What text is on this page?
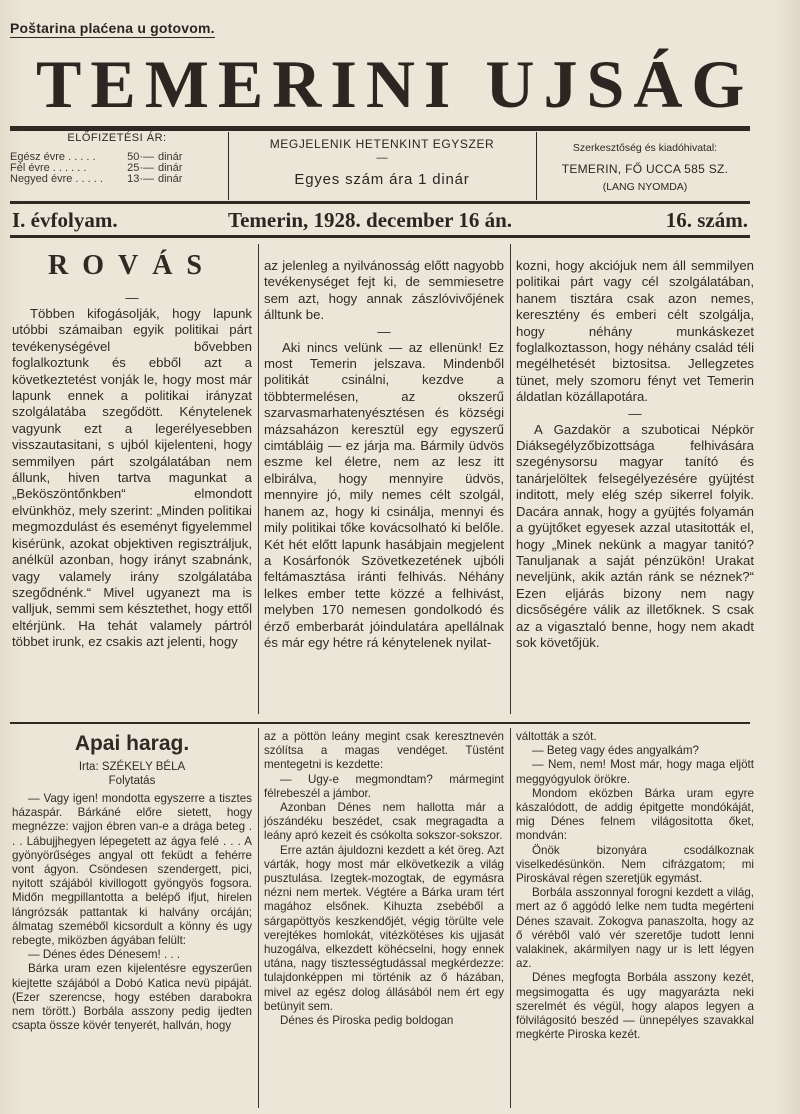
Poštarina plaćena u gotovom.
TEMERINI UJSÁG
ELŐFIZETÉSI ÁR:
Egész évre . . . . .	50·— dinár
Fél évre . . . . . .	25·— dinár
Negyed évre . . . . .	13·— dinár
MEGJELENIK HETENKINT EGYSZER
—
Egyes szám ára 1 dinár
Szerkesztőség és kiadóhivatal:
TEMERIN, FŐ UCCA 585 SZ.
(LANG NYOMDA)
I. évfolyam.	Temerin, 1928. december 16 án.	16. szám.
ROVÁS
—

Többen kifogásolják, hogy lapunk utóbbi számaiban egyik politikai párt tevékenységével bővebben foglalkoztunk és ebből azt a következtetést vonják le, hogy most már lapunk ennek a politikai irányzat szolgálatába szegődött. Kénytelenek vagyunk ezt a legerélyesebben visszautasitani, s ujból kijelenteni, hogy semmilyen párt szolgálatában nem állunk, hiven tartva magunkat a „Beköszöntőnkben“ elmondott elvünkhöz, mely szerint: „Minden politikai megmozdulást és eseményt figyelemmel kisérünk, azokat objektiven regisztráljuk, anélkül azonban, hogy irányt szabnánk, vagy valamely irány szolgálatába szegődnénk.“ Mivel ugyanezt ma is valljuk, semmi sem késztethet, hogy ettől eltérjünk. Ha tehát valamely pártról többet irunk, ez csakis azt jelenti, hogy

az jelenleg a nyilvánosság előtt nagyobb tevékenységet fejt ki, de semmiesetre sem azt, hogy annak zászlóvivőjének álltunk be.

—

Aki nincs velünk — az ellenünk! Ez most Temerin jelszava. Mindenből politikát csinálni, kezdve a többtermelésen, az okszerű szarvasmarhatenyésztésen és községi mázsaházon keresztül egy egyszerű cimtábláig — ez járja ma. Bármily üdvös eszme kel életre, nem az lesz itt elbirálva, hogy mennyire üdvös, mennyire jó, mily nemes célt szolgál, hanem az, hogy ki csinálja, mennyi és mily politikai tőke kovácsolható ki belőle. Két hét előtt lapunk hasábjain megjelent a Kosárfonók Szövetkezetének ujbóli feltámasztása iránti felhivás. Néhány lelkes ember tette közzé a felhivást, melyben 170 nemesen gondolkodó és érző emberbarát jóindulatára apellálnak és már egy hétre rá kénytelenek nyilat-

kozni, hogy akciójuk nem áll semmilyen politikai párt vagy cél szolgálatában, hanem tisztára csak azon nemes, keresztény és emberi célt szolgálja, hogy néhány munkáskezet foglalkoztasson, hogy néhány család téli megélhetését biztositsa. Jellegzetes tünet, mely szomoru fényt vet Temerin áldatlan közállapotára.

—

A Gazdakör a szuboticai Népkör Diáksegélyzőbizottsága felhivására szegénysorsu magyar tanító és tanárjelöltek felsegélyezésére gyüjtést inditott, mely elég szép sikerrel folyik. Dacára annak, hogy a gyüjtés folyamán a gyüjtőket egyesek azzal utasitották el, hogy „Minek nekünk a magyar tanitó? Tanuljanak a saját pénzükön! Urakat neveljünk, akik aztán ránk se néznek?“ Ezen eljárás bizony nem nagy dicsőségére válik az illetőknek. S csak az a vigasztaló benne, hogy nem akadt sok követőjük.

Apai harag.
Irta: SZÉKELY BÉLA
Folytatás

— Vagy igen! mondotta egyszerre a tisztes házaspár. Bárkáné előre sietett, hogy megnézze: vajjon ébren van-e a drága beteg . . . Lábujjhegyen lépegetett az ágya felé . . . A gyönyörűséges angyal ott feküdt a fehérre vont ágyon. Csöndesen szendergett, pici, nyitott szájából kivillogott gyöngyös fogsora. Midőn megpillantotta a belépő ifjut, hirelen lángrózsák pattantak ki halvány orcáján; álmatag szeméből kicsordult a könny és ugy rebegte, miközben ágyában felült:

— Dénes édes Dénesem! . . .

Bárka uram ezen kijelentésre egyszerűen kiejtette szájából a Dobó Katica nevü pipáját. (Ezer szerencse, hogy estében darabokra nem törött.) Borbála asszony pedig ijedten csapta össze kövér tenyerét, hallván, hogy

az a pöttön leány megint csak keresztnevén szólítsa a magas vendéget. Tüstént mentegetni is kezdette:

— Ugy-e megmondtam? mármegint félrebeszél a jámbor.

Azonban Dénes nem hallotta már a jószándéku beszédet, csak megragadta a leány apró kezeit és csókolta sokszor-sokszor.

Erre aztán ájuldozni kezdett a két öreg. Azt várták, hogy most már elkövetkezik a világ pusztulása. Izegtek-mozogtak, de egymásra nézni nem mertek. Végtére a Bárka uram tért magához elsőnek. Kihuzta zsebéből a sárgapöttyös keszkendőjét, végig törülte vele verejtékes homlokát, vitézkötéses kis ujjasát huzogálva, elkezdett köhécselni, hogy ennek utána, nagy tisztességtudással megkérdezze: tulajdonképpen mi történik az ő házában, mivel az egész dolog állásából nem ért egy betünyit sem.

Dénes és Piroska pedig boldogan

váltották a szót.

— Beteg vagy édes angyalkám?

— Nem, nem! Most már, hogy maga eljött meggyógyulok örökre.

Mondom eközben Bárka uram egyre kászalódott, de addig épitgette mondókáját, mig Dénes felnem világositotta őket, mondván:

Önök bizonyára csodálkoznak viselkedésünkön. Nem cifrázgatom; mi Piroskával régen szeretjük egymást.

Borbála asszonnyal forogni kezdett a világ, mert az ő aggódó lelke nem tudta megérteni Dénes szavait. Zokogva panaszolta, hogy az ő véréből való vér szeretője tudott lenni valakinek, akármilyen nagy ur is lett légyen az.

Dénes megfogta Borbála asszony kezét, megsimogatta és ugy magyarázta neki szerelmét és végül, hogy alapos legyen a fölvilágositó beszéd — ünnepélyes szavakkal megkérte Piroska kezét.
